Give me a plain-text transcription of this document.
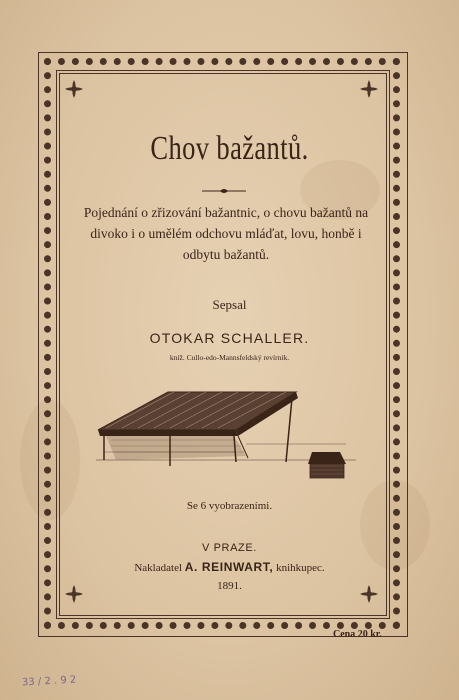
Chov bažantů.
Pojednání o zřizování bažantnic, o chovu bažantů na divoko i o umělém odchovu mláďat, lovu, honbě i odbytu bažantů.
Sepsal
OTOKAR SCHALLER.
kníž. Cullo-edo-Mannsfeldský revírník.
Se 6 vyobrazeními.
V PRAZE.
Nakladatel A. REINWART, knihkupec.
1891.
Cena 20 kr.
33 / 2 . 9 2
